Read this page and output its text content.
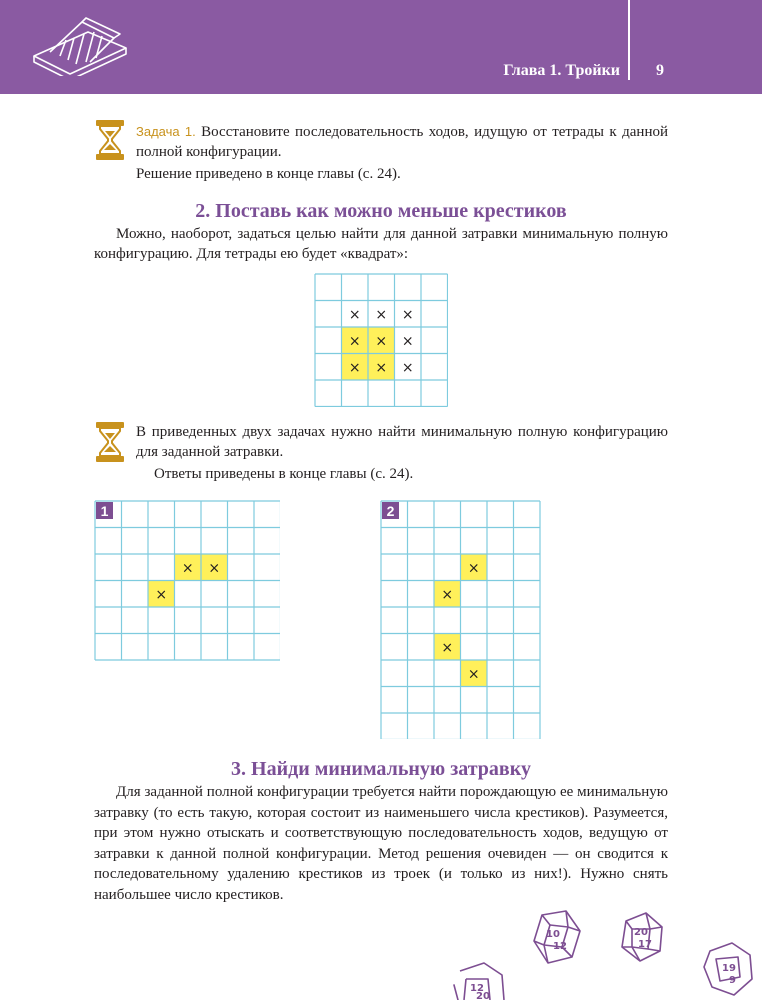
Глава 1. Тройки 9

Задача 1. Восстановите последовательность ходов, идущую от тетрады к данной полной конфигурации.

Решение приведено в конце главы (с. 24).

2. Поставь как можно меньше крестиков

Можно, наоборот, задаться целью найти для данной затравки минимальную полную конфигурацию. Для тетрады ею будет «квадрат»:

× × ×
× × ×
× × ×

В приведенных двух задачах нужно найти минимальную полную конфигурацию для заданной затравки.

Ответы приведены в конце главы (с. 24).

× ×
×
1
×
×
×
×
2
3. Найди минимальную затравку

Для заданной полной конфигурации требуется найти порождающую ее минимальную затравку (то есть такую, которая состоит из наименьшего числа крестиков). Разумеется, при этом нужно отыскать и соответствующую последовательность ходов, ведущую от затравки к данной полной конфигурации. Метод решения очевиден — он сводится к последовательному удалению крестиков из троек (и только из них!). Нужно снять наибольшее число крестиков.

10
12
20
17
19
9
12
20
